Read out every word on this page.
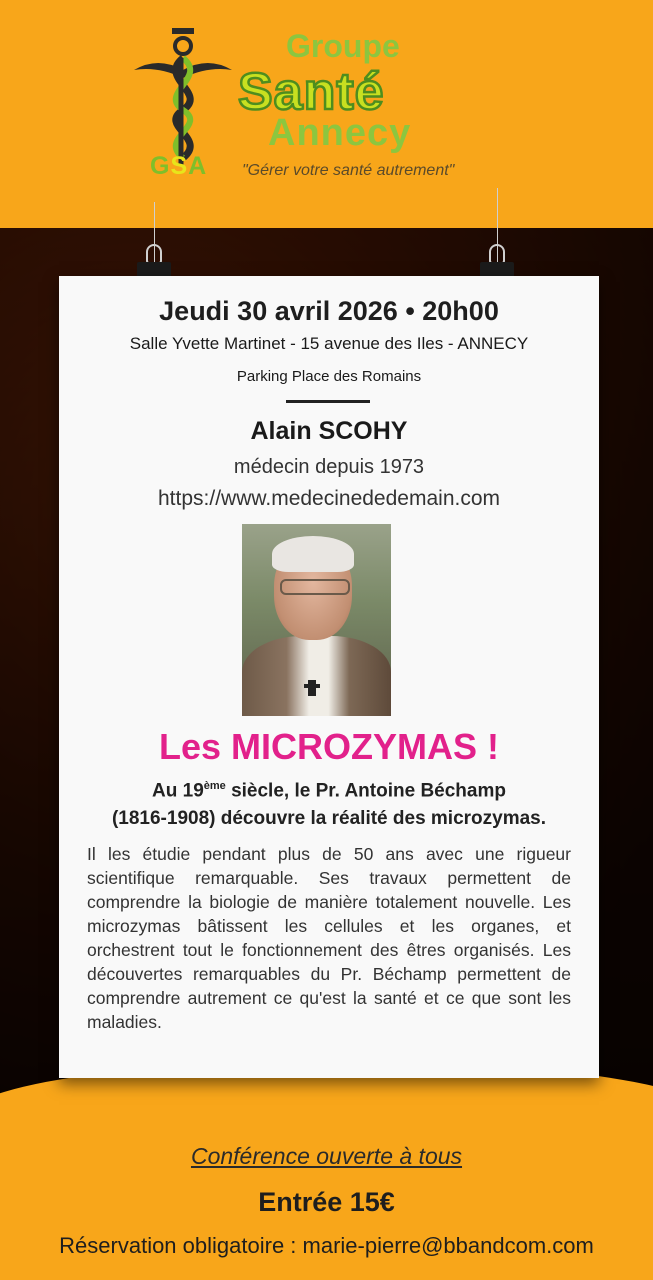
GSA
Groupe
Santé
Annecy
"Gérer votre santé autrement"
Jeudi 30 avril 2026 • 20h00
Salle Yvette Martinet - 15 avenue des Iles - ANNECY
Parking Place des Romains
Alain SCOHY
médecin depuis 1973
https://www.medecinededemain.com
Les MICROZYMAS !
Au 19ème siècle, le Pr. Antoine Béchamp
(1816-1908) découvre la réalité des microzymas.
Il les étudie pendant plus de 50 ans avec une rigueur scientifique remarquable. Ses travaux permettent de comprendre la biologie de manière totalement nouvelle. Les microzymas bâtissent les cellules et les organes, et orchestrent tout le fonctionnement des êtres organisés. Les découvertes remarquables du Pr. Béchamp permettent de comprendre autrement ce qu'est la santé et ce que sont les maladies.
Conférence ouverte à tous
Entrée 15€
Réservation obligatoire : marie-pierre@bbandcom.com
